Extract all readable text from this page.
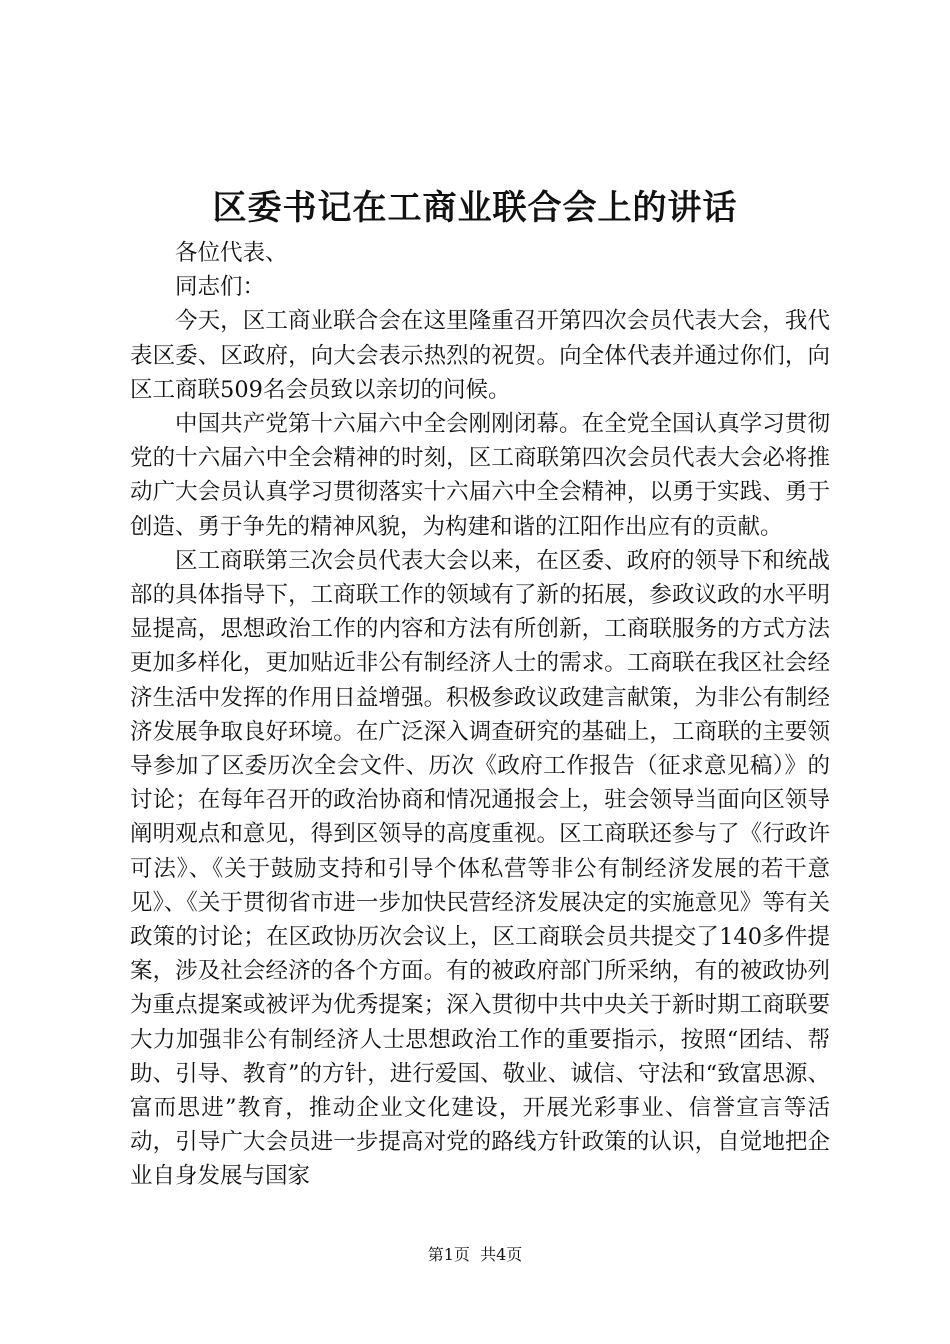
区委书记在工商业联合会上的讲话

各位代表、

同志们：

今天，区工商业联合会在这里隆重召开第四次会员代表大会，我代表区委、区政府，向大会表示热烈的祝贺。向全体代表并通过你们，向区工商联509名会员致以亲切的问候。

中国共产党第十六届六中全会刚刚闭幕。在全党全国认真学习贯彻党的十六届六中全会精神的时刻，区工商联第四次会员代表大会必将推动广大会员认真学习贯彻落实十六届六中全会精神，以勇于实践、勇于创造、勇于争先的精神风貌，为构建和谐的江阳作出应有的贡献。

区工商联第三次会员代表大会以来，在区委、政府的领导下和统战部的具体指导下，工商联工作的领域有了新的拓展，参政议政的水平明显提高，思想政治工作的内容和方法有所创新，工商联服务的方式方法更加多样化，更加贴近非公有制经济人士的需求。工商联在我区社会经济生活中发挥的作用日益增强。积极参政议政建言献策，为非公有制经济发展争取良好环境。在广泛深入调查研究的基础上，工商联的主要领导参加了区委历次全会文件、历次《政府工作报告（征求意见稿）》的讨论；在每年召开的政治协商和情况通报会上，驻会领导当面向区领导阐明观点和意见，得到区领导的高度重视。区工商联还参与了《行政许可法》、《关于鼓励支持和引导个体私营等非公有制经济发展的若干意见》、《关于贯彻省市进一步加快民营经济发展决定的实施意见》等有关政策的讨论；在区政协历次会议上，区工商联会员共提交了140多件提案，涉及社会经济的各个方面。有的被政府部门所采纳，有的被政协列为重点提案或被评为优秀提案；深入贯彻中共中央关于新时期工商联要大力加强非公有制经济人士思想政治工作的重要指示，按照“团结、帮助、引导、教育”的方针，进行爱国、敬业、诚信、守法和“致富思源、富而思进”教育，推动企业文化建设，开展光彩事业、信誉宣言等活动，引导广大会员进一步提高对党的路线方针政策的认识，自觉地把企业自身发展与国家

第1页 共4页
